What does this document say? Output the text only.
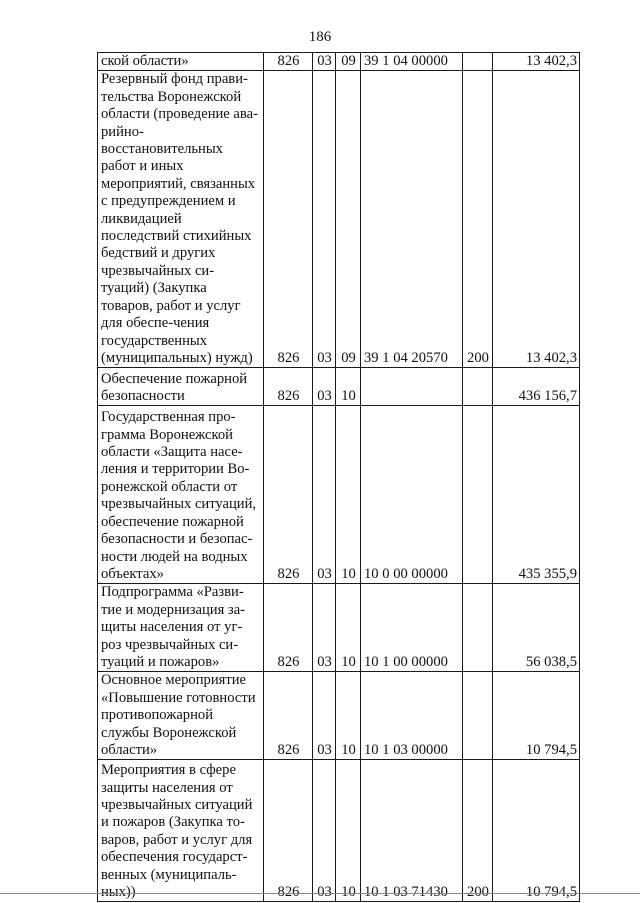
186
ской области»	826	03	09	39 1 04 00000		13 402,3

Резервный фонд прави-тельства Воронежской области (проведение ава-рийно-восстановительных работ и иных мероприятий, связанных с предупреждением и ликвидацией последствий стихийных бедствий и других чрезвычайных си-туаций) (Закупка товаров, работ и услуг для обеспе-чения государственных (муниципальных) нужд)	826	03	09	39 1 04 20570	200	13 402,3

Обеспечение пожарной безопасности	826	03	10			436 156,7

Государственная про-грамма Воронежской области «Защита насе-ления и территории Во-ронежской области от чрезвычайных ситуаций, обеспечение пожарной безопасности и безопас-ности людей на водных объектах»	826	03	10	10 0 00 00000		435 355,9

Подпрограмма «Разви-тие и модернизация за-щиты населения от уг-роз чрезвычайных си-туаций и пожаров»	826	03	10	10 1 00 00000		56 038,5

Основное мероприятие «Повышение готовности противопожарной службы Воронежской области»	826	03	10	10 1 03 00000		10 794,5

Мероприятия в сфере защиты населения от чрезвычайных ситуаций и пожаров (Закупка то-варов, работ и услуг для обеспечения государст-венных (муниципаль-ных))	826	03	10	10 1 03 71430	200	10 794,5
